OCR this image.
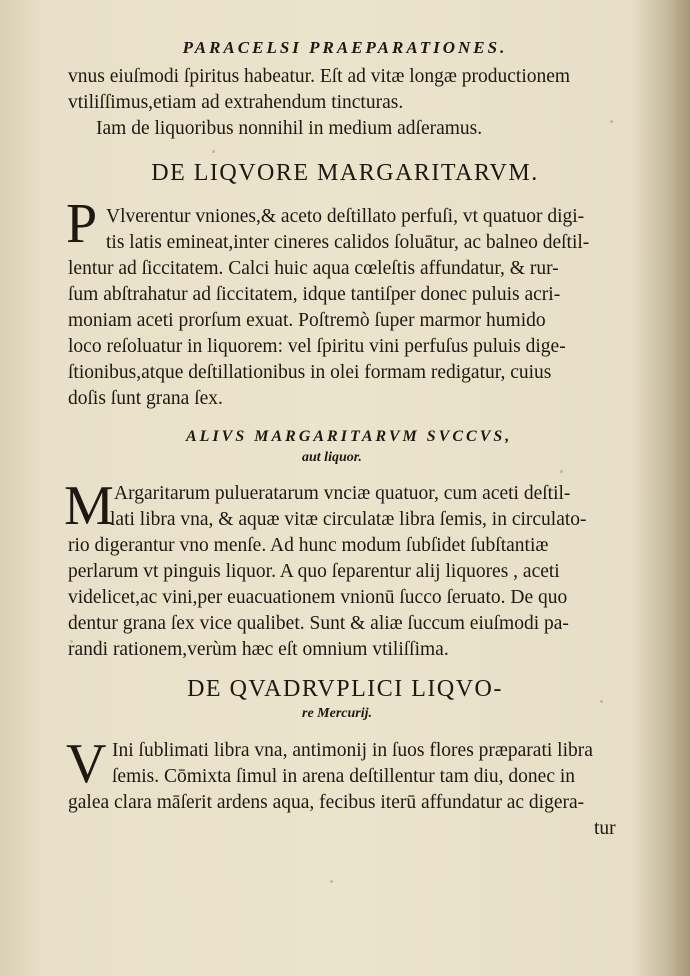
PARACELSI PRAEPARATIONES.
vnus eiuſmodi ſpiritus habeatur. Eſt ad vitæ longæ productionem
vtiliſſimus,etiam ad extrahendum tincturas.
Iam de liquoribus nonnihil in medium adſeramus.
DE LIQVORE MARGARITARVM.
P Vlverentur vniones,& aceto deſtillato perfuſi, vt quatuor digi-
tis latis emineat,inter cineres calidos ſoluātur, ac balneo deſtil-
lentur ad ſiccitatem. Calci huic aqua cœleſtis affundatur, & rur-
ſum abſtrahatur ad ſiccitatem, idque tantiſper donec puluis acri-
moniam aceti prorſum exuat. Poſtremò ſuper marmor humido
loco reſoluatur in liquorem: vel ſpiritu vini perfuſus puluis dige-
ſtionibus,atque deſtillationibus in olei formam redigatur, cuius
doſis ſunt grana ſex.
ALIVS MARGARITARVM SVCCVS,
aut liquor.
M Argaritarum pulueratarum vnciæ quatuor, cum aceti deſtil-
lati libra vna, & aquæ vitæ circulatæ libra ſemis, in circulato-
rio digerantur vno menſe. Ad hunc modum ſubſidet ſubſtantiæ
perlarum vt pinguis liquor. A quo ſeparentur alij liquores , aceti
videlicet,ac vini,per euacuationem vnionū ſucco ſeruato. De quo
dentur grana ſex vice qualibet. Sunt & aliæ ſuccum eiuſmodi pa-
randi rationem,verùm hæc eſt omnium vtiliſſima.
DE QVADRVPLICI LIQVO-
re Mercurij.
V Ini ſublimati libra vna, antimonij in ſuos flores præparati libra
ſemis. Cōmixta ſimul in arena deſtillentur tam diu, donec in
galea clara māſerit ardens aqua, fecibus iterū affundatur ac digera-
tur
